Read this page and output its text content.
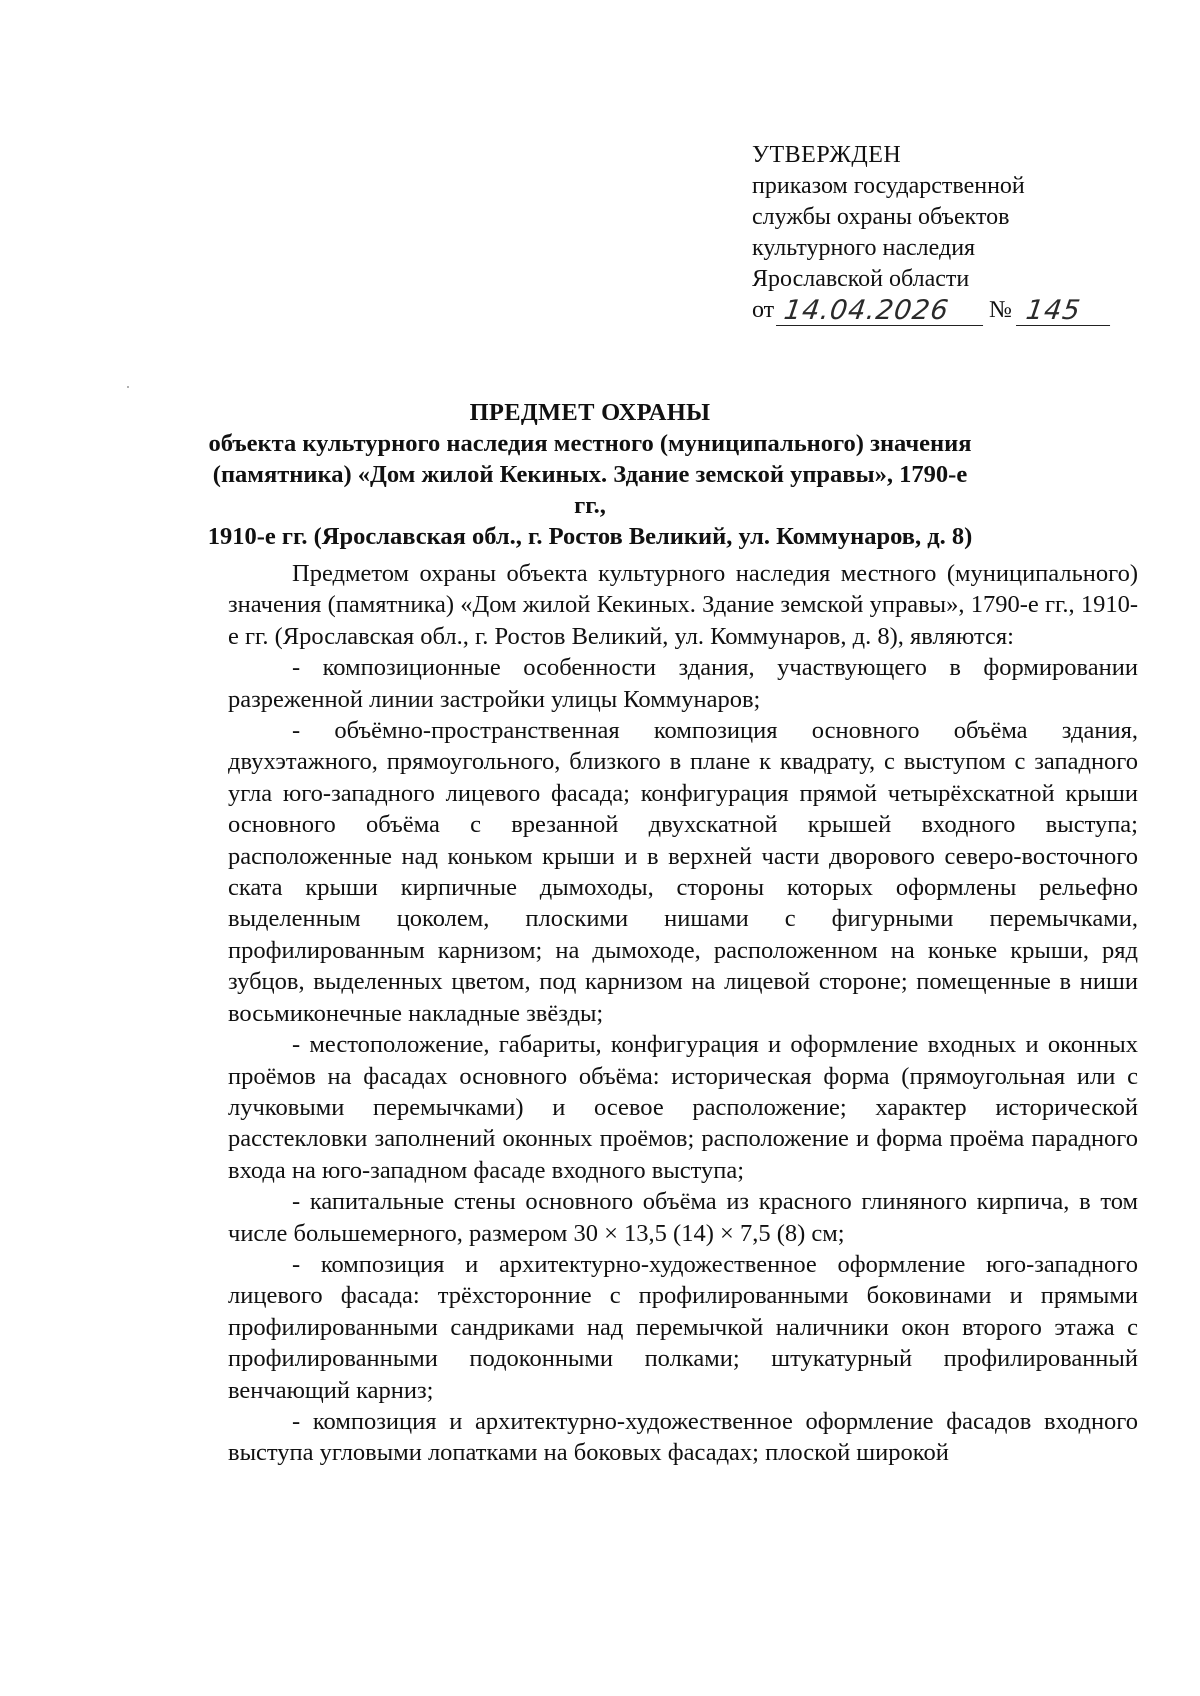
УТВЕРЖДЕН
приказом государственной
службы охраны объектов
культурного наследия
Ярославской области
от 14.04.2026	№ 145
ПРЕДМЕТ ОХРАНЫ
объекта культурного наследия местного (муниципального) значения
(памятника) «Дом жилой Кекиных. Здание земской управы», 1790-е гг.,
1910-е гг. (Ярославская обл., г. Ростов Великий, ул. Коммунаров, д. 8)

Предметом охраны объекта культурного наследия местного (муниципального) значения (памятника) «Дом жилой Кекиных. Здание земской управы», 1790-е гг., 1910-е гг. (Ярославская обл., г. Ростов Великий, ул. Коммунаров, д. 8), являются:

- композиционные особенности здания, участвующего в формировании разреженной линии застройки улицы Коммунаров;

- объёмно-пространственная композиция основного объёма здания, двухэтажного, прямоугольного, близкого в плане к квадрату, с выступом с западного угла юго-западного лицевого фасада; конфигурация прямой четырёхскатной крыши основного объёма с врезанной двухскатной крышей входного выступа; расположенные над коньком крыши и в верхней части дворового северо-восточного ската крыши кирпичные дымоходы, стороны которых оформлены рельефно выделенным цоколем, плоскими нишами с фигурными перемычками, профилированным карнизом; на дымоходе, расположенном на коньке крыши, ряд зубцов, выделенных цветом, под карнизом на лицевой стороне; помещенные в ниши восьмиконечные накладные звёзды;

- местоположение, габариты, конфигурация и оформление входных и оконных проёмов на фасадах основного объёма: историческая форма (прямоугольная или с лучковыми перемычками) и осевое расположение; характер исторической расстекловки заполнений оконных проёмов; расположение и форма проёма парадного входа на юго-западном фасаде входного выступа;

- капитальные стены основного объёма из красного глиняного кирпича, в том числе большемерного, размером 30 × 13,5 (14) × 7,5 (8) см;

- композиция и архитектурно-художественное оформление юго-западного лицевого фасада: трёхсторонние с профилированными боковинами и прямыми профилированными сандриками над перемычкой наличники окон второго этажа с профилированными подоконными полками; штукатурный профилированный венчающий карниз;

- композиция и архитектурно-художественное оформление фасадов входного выступа угловыми лопатками на боковых фасадах; плоской широкой
